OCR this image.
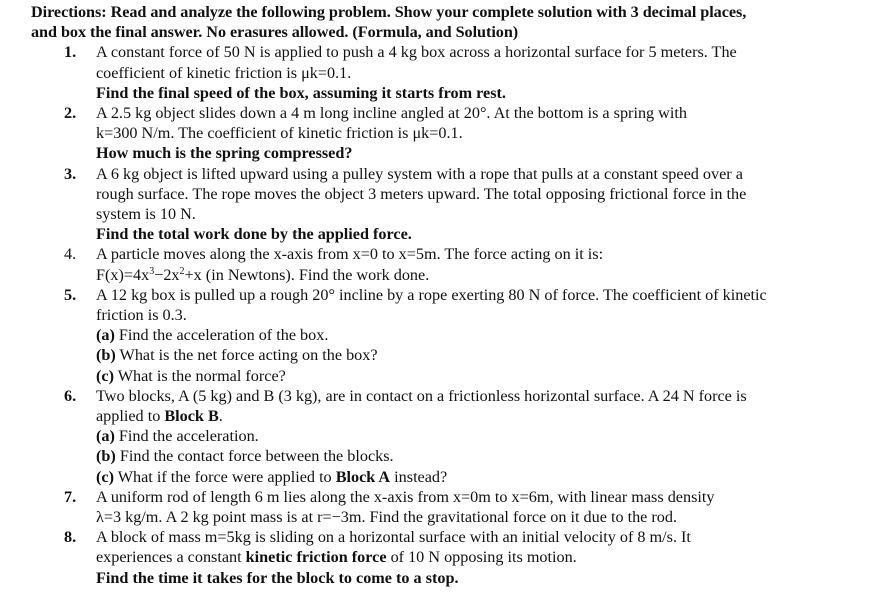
Directions: Read and analyze the following problem. Show your complete solution with 3 decimal places,
and box the final answer. No erasures allowed. (Formula, and Solution)
1. A constant force of 50 N is applied to push a 4 kg box across a horizontal surface for 5 meters. The
coefficient of kinetic friction is μk=0.1.
Find the final speed of the box, assuming it starts from rest.
2. A 2.5 kg object slides down a 4 m long incline angled at 20°. At the bottom is a spring with
k=300 N/m. The coefficient of kinetic friction is μk=0.1.
How much is the spring compressed?
3. A 6 kg object is lifted upward using a pulley system with a rope that pulls at a constant speed over a
rough surface. The rope moves the object 3 meters upward. The total opposing frictional force in the
system is 10 N.
Find the total work done by the applied force.
4. A particle moves along the x-axis from x=0 to x=5m. The force acting on it is:
$F(x)=4x^3-2x^2+x$ (in Newtons). Find the work done.
5. A 12 kg box is pulled up a rough 20° incline by a rope exerting 80 N of force. The coefficient of kinetic
friction is 0.3.
(a) Find the acceleration of the box.
(b) What is the net force acting on the box?
(c) What is the normal force?
6. Two blocks, A (5 kg) and B (3 kg), are in contact on a frictionless horizontal surface. A 24 N force is
applied to Block B.
(a) Find the acceleration.
(b) Find the contact force between the blocks.
(c) What if the force were applied to Block A instead?
7. A uniform rod of length 6 m lies along the x-axis from x=0m to x=6m, with linear mass density
λ=3 kg/m. A 2 kg point mass is at r=−3m. Find the gravitational force on it due to the rod.
8. A block of mass m=5kg is sliding on a horizontal surface with an initial velocity of 8 m/s. It
experiences a constant kinetic friction force of 10 N opposing its motion.
Find the time it takes for the block to come to a stop.
